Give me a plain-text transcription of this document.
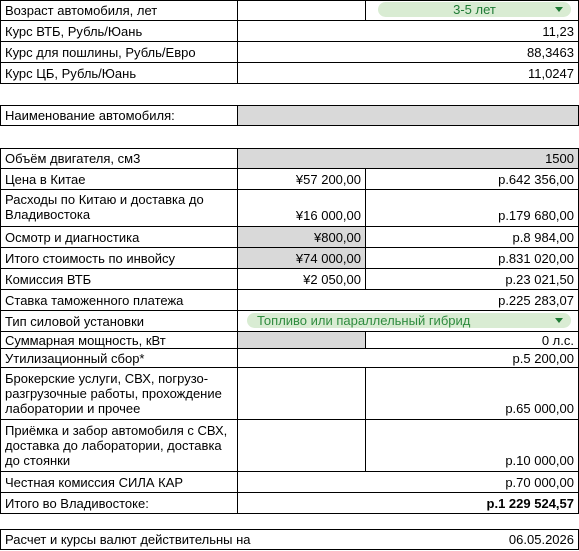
Возраст автомобиля, лет	3-5 лет
Курс ВТБ, Рубль/Юань	11,23
Курс для пошлины, Рубль/Евро	88,3463
Курс ЦБ, Рубль/Юань	11,0247
Наименование автомобиля:
Объём двигателя, см3	1500
Цена в Китае	¥57 200,00	р.642 356,00
Расходы по Китаю и доставка до Владивостока	¥16 000,00	р.179 680,00
Осмотр и диагностика	¥800,00	р.8 984,00
Итого стоимость по инвойсу	¥74 000,00	р.831 020,00
Комиссия ВТБ	¥2 050,00	р.23 021,50
Ставка таможенного платежа	р.225 283,07
Тип силовой установки	Топливо или параллельный гибрид
Суммарная мощность, кВт	0 л.с.
Утилизационный сбор*	р.5 200,00
Брокерские услуги, СВХ, погрузо-разгрузочные работы, прохождение лаборатории и прочее	р.65 000,00
Приёмка и забор автомобиля с СВХ, доставка до лаборатории, доставка до стоянки	р.10 000,00
Честная комиссия СИЛА КАР	р.70 000,00
Итого во Владивостоке:	р.1 229 524,57
Расчет и курсы валют действительны на	06.05.2026
